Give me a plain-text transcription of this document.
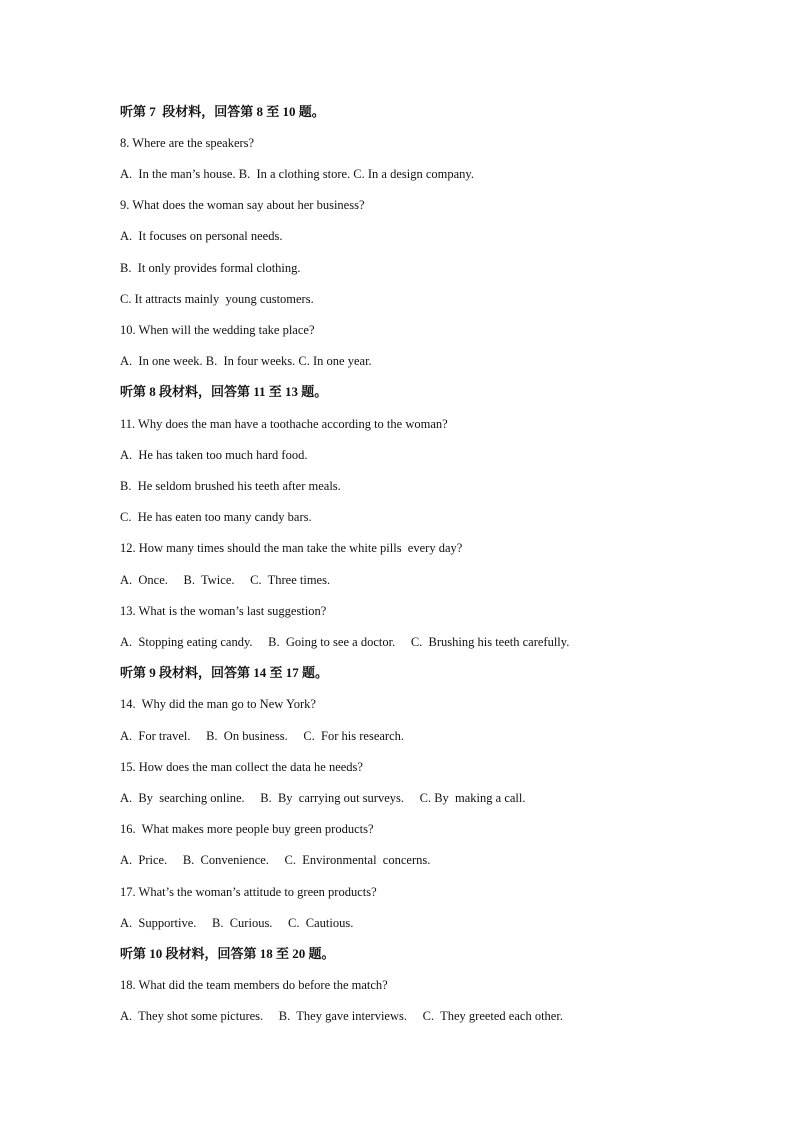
听第 7  段材料，回答第 8 至 10 题。
8. Where are the speakers?
A.  In the man’s house. B.  In a clothing store. C. In a design company.
9. What does the woman say about her business?
A.  It focuses on personal needs.
B.  It only provides formal clothing.
C. It attracts mainly  young customers.
10. When will the wedding take place?
A.  In one week. B.  In four weeks. C. In one year.
听第 8 段材料，回答第 11 至 13 题。
11. Why does the man have a toothache according to the woman?
A.  He has taken too much hard food.
B.  He seldom brushed his teeth after meals.
C.  He has eaten too many candy bars.
12. How many times should the man take the white pills  every day?
A.  Once.     B.  Twice.     C.  Three times.
13. What is the woman’s last suggestion?
A.  Stopping eating candy.     B.  Going to see a doctor.     C.  Brushing his teeth carefully.
听第 9 段材料，回答第 14 至 17 题。
14.  Why did the man go to New York?
A.  For travel.     B.  On business.     C.  For his research.
15. How does the man collect the data he needs?
A.  By  searching online.     B.  By  carrying out surveys.     C. By  making a call.
16.  What makes more people buy green products?
A.  Price.     B.  Convenience.     C.  Environmental  concerns.
17. What’s the woman’s attitude to green products?
A.  Supportive.     B.  Curious.     C.  Cautious.
听第 10 段材料，回答第 18 至 20 题。
18. What did the team members do before the match?
A.  They shot some pictures.     B.  They gave interviews.     C.  They greeted each other.
